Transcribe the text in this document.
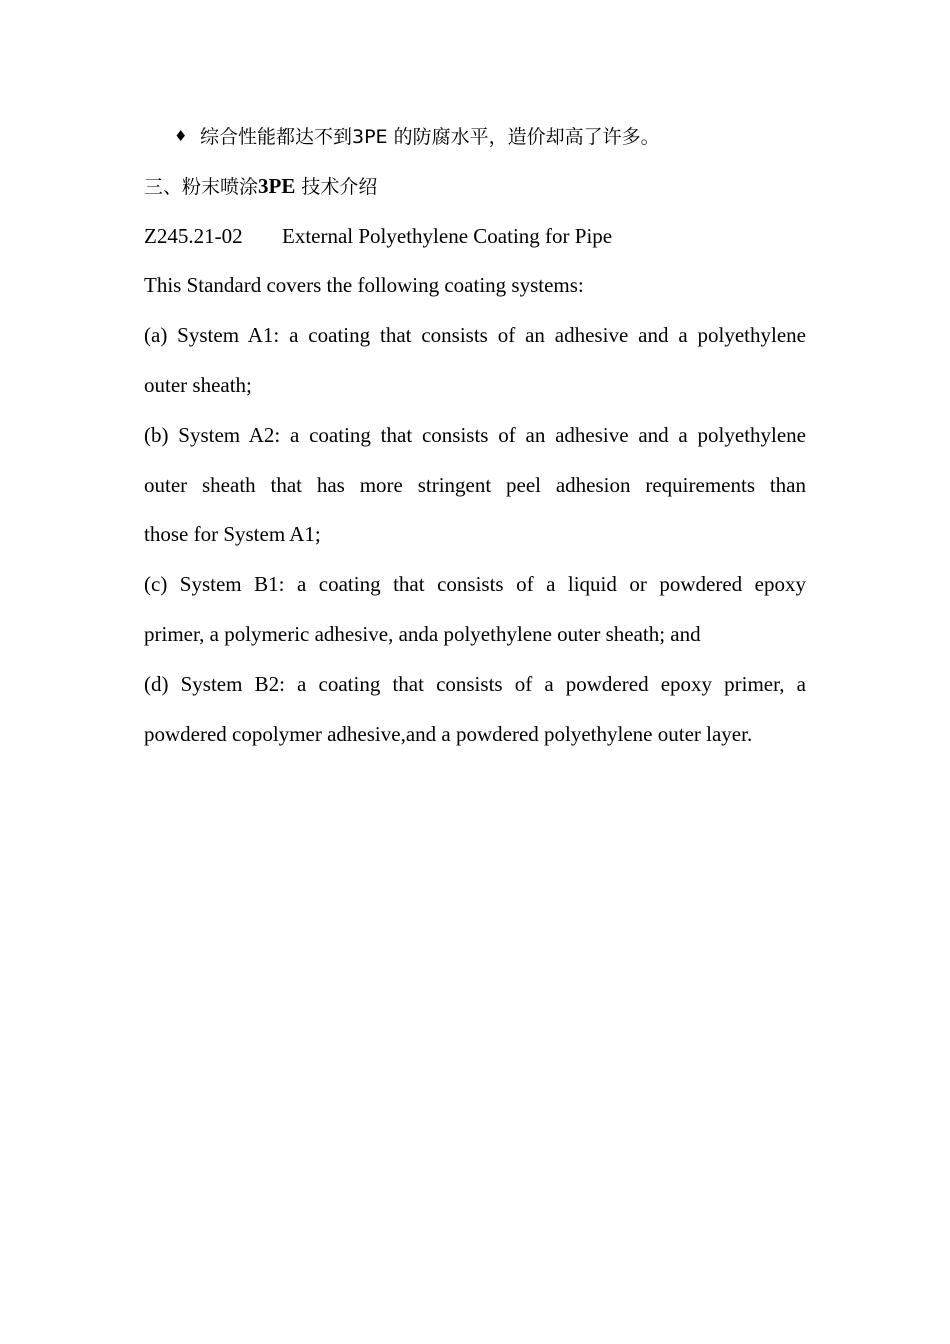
♦ 综合性能都达不到3PE 的防腐水平，造价却高了许多。
三、粉末喷涂3PE 技术介绍
Z245.21-02 External Polyethylene Coating for Pipe
This Standard covers the following coating systems:
(a) System A1: a coating that consists of an adhesive and a polyethylene
outer sheath;
(b) System A2: a coating that consists of an adhesive and a polyethylene
outer sheath that has more stringent peel adhesion requirements than
those for System A1;
(c) System B1: a coating that consists of a liquid or powdered epoxy
primer, a polymeric adhesive, anda polyethylene outer sheath; and
(d) System B2: a coating that consists of a powdered epoxy primer, a
powdered copolymer adhesive,and a powdered polyethylene outer layer.
